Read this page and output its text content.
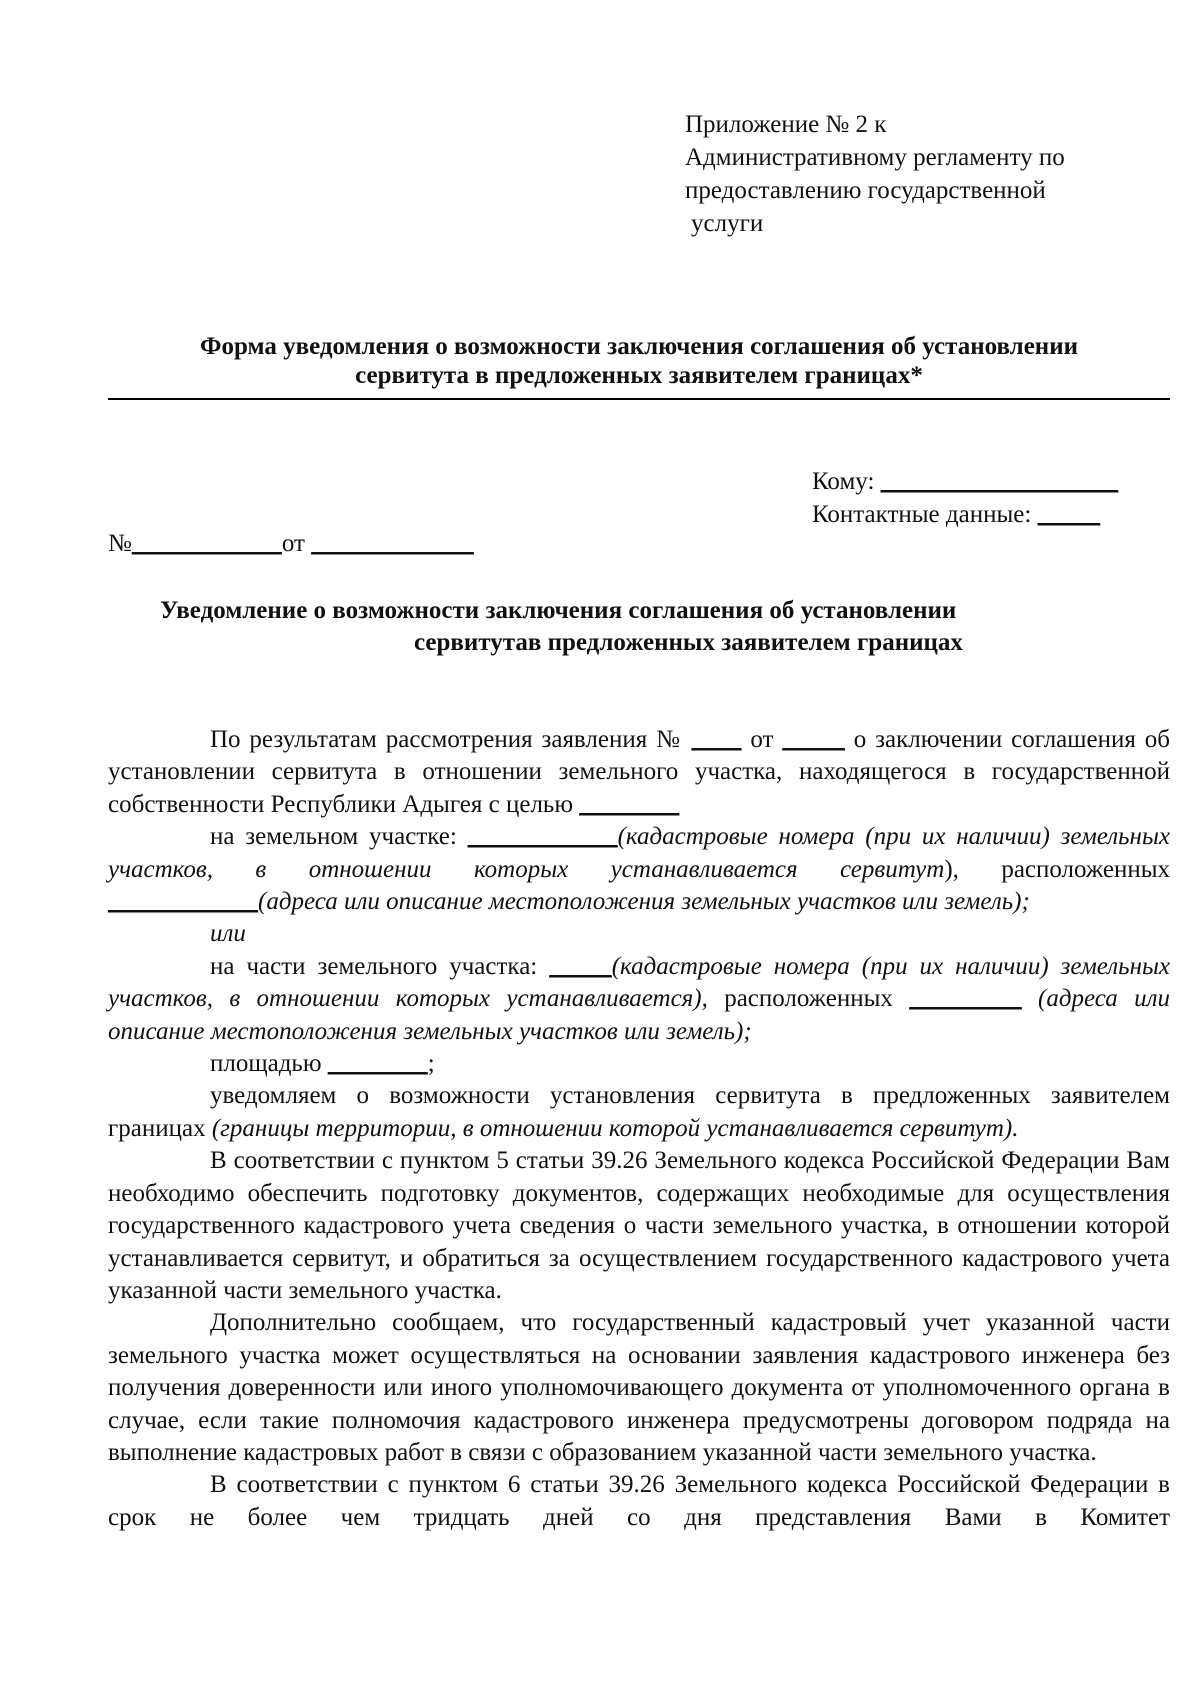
Приложение № 2 к
Административному регламенту по
предоставлению государственной
услуги
Форма уведомления о возможности заключения соглашения об установлении
сервитута в предложенных заявителем границах*
Кому: ___________________
Контактные данные: _____
№____________от _____________
Уведомление о возможности заключения соглашения об установлении
сервитутав предложенных заявителем границах

По результатам рассмотрения заявления № ____ от _____ о заключении соглашения об установлении сервитута в отношении земельного участка, находящегося в государственной собственности Республики Адыгея с целью ________

на земельном участке: ____________(кадастровые номера (при их наличии) земельных участков, в отношении которых устанавливается сервитут), расположенных ____________(адреса или описание местоположения земельных участков или земель);

или

на части земельного участка: _____(кадастровые номера (при их наличии) земельных участков, в отношении которых устанавливается), расположенных _________ (адреса или описание местоположения земельных участков или земель);

площадью ________;

уведомляем о возможности установления сервитута в предложенных заявителем границах (границы территории, в отношении которой устанавливается сервитут).

В соответствии с пунктом 5 статьи 39.26 Земельного кодекса Российской Федерации Вам необходимо обеспечить подготовку документов, содержащих необходимые для осуществления государственного кадастрового учета сведения о части земельного участка, в отношении которой устанавливается сервитут, и обратиться за осуществлением государственного кадастрового учета указанной части земельного участка.

Дополнительно сообщаем, что государственный кадастровый учет указанной части земельного участка может осуществляться на основании заявления кадастрового инженера без получения доверенности или иного уполномочивающего документа от уполномоченного органа в случае, если такие полномочия кадастрового инженера предусмотрены договором подряда на выполнение кадастровых работ в связи с образованием указанной части земельного участка.

В соответствии с пунктом 6 статьи 39.26 Земельного кодекса Российской Федерации в срок не более чем тридцать дней со дня представления Вами в Комитет
